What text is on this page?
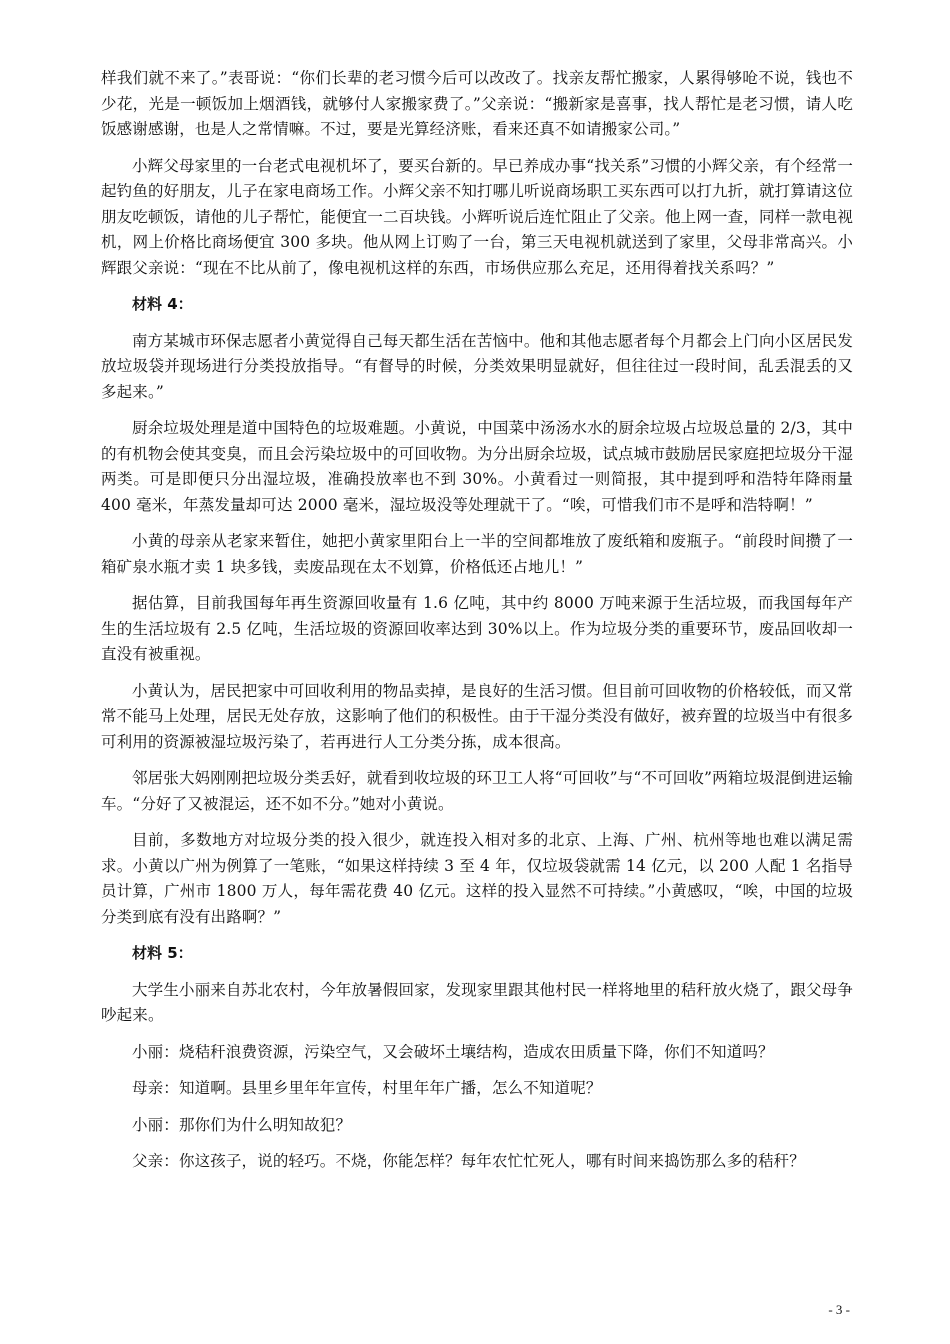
样我们就不来了。”表哥说：“你们长辈的老习惯今后可以改改了。找亲友帮忙搬家，人累得够呛不说，钱也不少花，光是一顿饭加上烟酒钱，就够付人家搬家费了。”父亲说：“搬新家是喜事，找人帮忙是老习惯，请人吃饭感谢感谢，也是人之常情嘛。不过，要是光算经济账，看来还真不如请搬家公司。”

小辉父母家里的一台老式电视机坏了，要买台新的。早已养成办事“找关系”习惯的小辉父亲，有个经常一起钓鱼的好朋友，儿子在家电商场工作。小辉父亲不知打哪儿听说商场职工买东西可以打九折，就打算请这位朋友吃顿饭，请他的儿子帮忙，能便宜一二百块钱。小辉听说后连忙阻止了父亲。他上网一查，同样一款电视机，网上价格比商场便宜 300 多块。他从网上订购了一台，第三天电视机就送到了家里，父母非常高兴。小辉跟父亲说：“现在不比从前了，像电视机这样的东西，市场供应那么充足，还用得着找关系吗？”

材料 4：

南方某城市环保志愿者小黄觉得自己每天都生活在苦恼中。他和其他志愿者每个月都会上门向小区居民发放垃圾袋并现场进行分类投放指导。“有督导的时候，分类效果明显就好，但往往过一段时间，乱丢混丢的又多起来。”

厨余垃圾处理是道中国特色的垃圾难题。小黄说，中国菜中汤汤水水的厨余垃圾占垃圾总量的 2/3，其中的有机物会使其变臭，而且会污染垃圾中的可回收物。为分出厨余垃圾，试点城市鼓励居民家庭把垃圾分干湿两类。可是即便只分出湿垃圾，准确投放率也不到 30%。小黄看过一则简报，其中提到呼和浩特年降雨量 400 毫米，年蒸发量却可达 2000 毫米，湿垃圾没等处理就干了。“唉，可惜我们市不是呼和浩特啊！”

小黄的母亲从老家来暂住，她把小黄家里阳台上一半的空间都堆放了废纸箱和废瓶子。“前段时间攒了一箱矿泉水瓶才卖 1 块多钱，卖废品现在太不划算，价格低还占地儿！”

据估算，目前我国每年再生资源回收量有 1.6 亿吨，其中约 8000 万吨来源于生活垃圾，而我国每年产生的生活垃圾有 2.5 亿吨，生活垃圾的资源回收率达到 30%以上。作为垃圾分类的重要环节，废品回收却一直没有被重视。

小黄认为，居民把家中可回收利用的物品卖掉，是良好的生活习惯。但目前可回收物的价格较低，而又常常不能马上处理，居民无处存放，这影响了他们的积极性。由于干湿分类没有做好，被弃置的垃圾当中有很多可利用的资源被湿垃圾污染了，若再进行人工分类分拣，成本很高。

邻居张大妈刚刚把垃圾分类丢好，就看到收垃圾的环卫工人将“可回收”与“不可回收”两箱垃圾混倒进运输车。“分好了又被混运，还不如不分。”她对小黄说。

目前，多数地方对垃圾分类的投入很少，就连投入相对多的北京、上海、广州、杭州等地也难以满足需求。小黄以广州为例算了一笔账，“如果这样持续 3 至 4 年，仅垃圾袋就需 14 亿元，以 200 人配 1 名指导员计算，广州市 1800 万人，每年需花费 40 亿元。这样的投入显然不可持续。”小黄感叹，“唉，中国的垃圾分类到底有没有出路啊？”

材料 5：

大学生小丽来自苏北农村，今年放暑假回家，发现家里跟其他村民一样将地里的秸秆放火烧了，跟父母争吵起来。

小丽：烧秸秆浪费资源，污染空气，又会破坏土壤结构，造成农田质量下降，你们不知道吗？

母亲：知道啊。县里乡里年年宣传，村里年年广播，怎么不知道呢？

小丽：那你们为什么明知故犯？

父亲：你这孩子，说的轻巧。不烧，你能怎样？每年农忙忙死人，哪有时间来捣饬那么多的秸秆？

- 3 -
